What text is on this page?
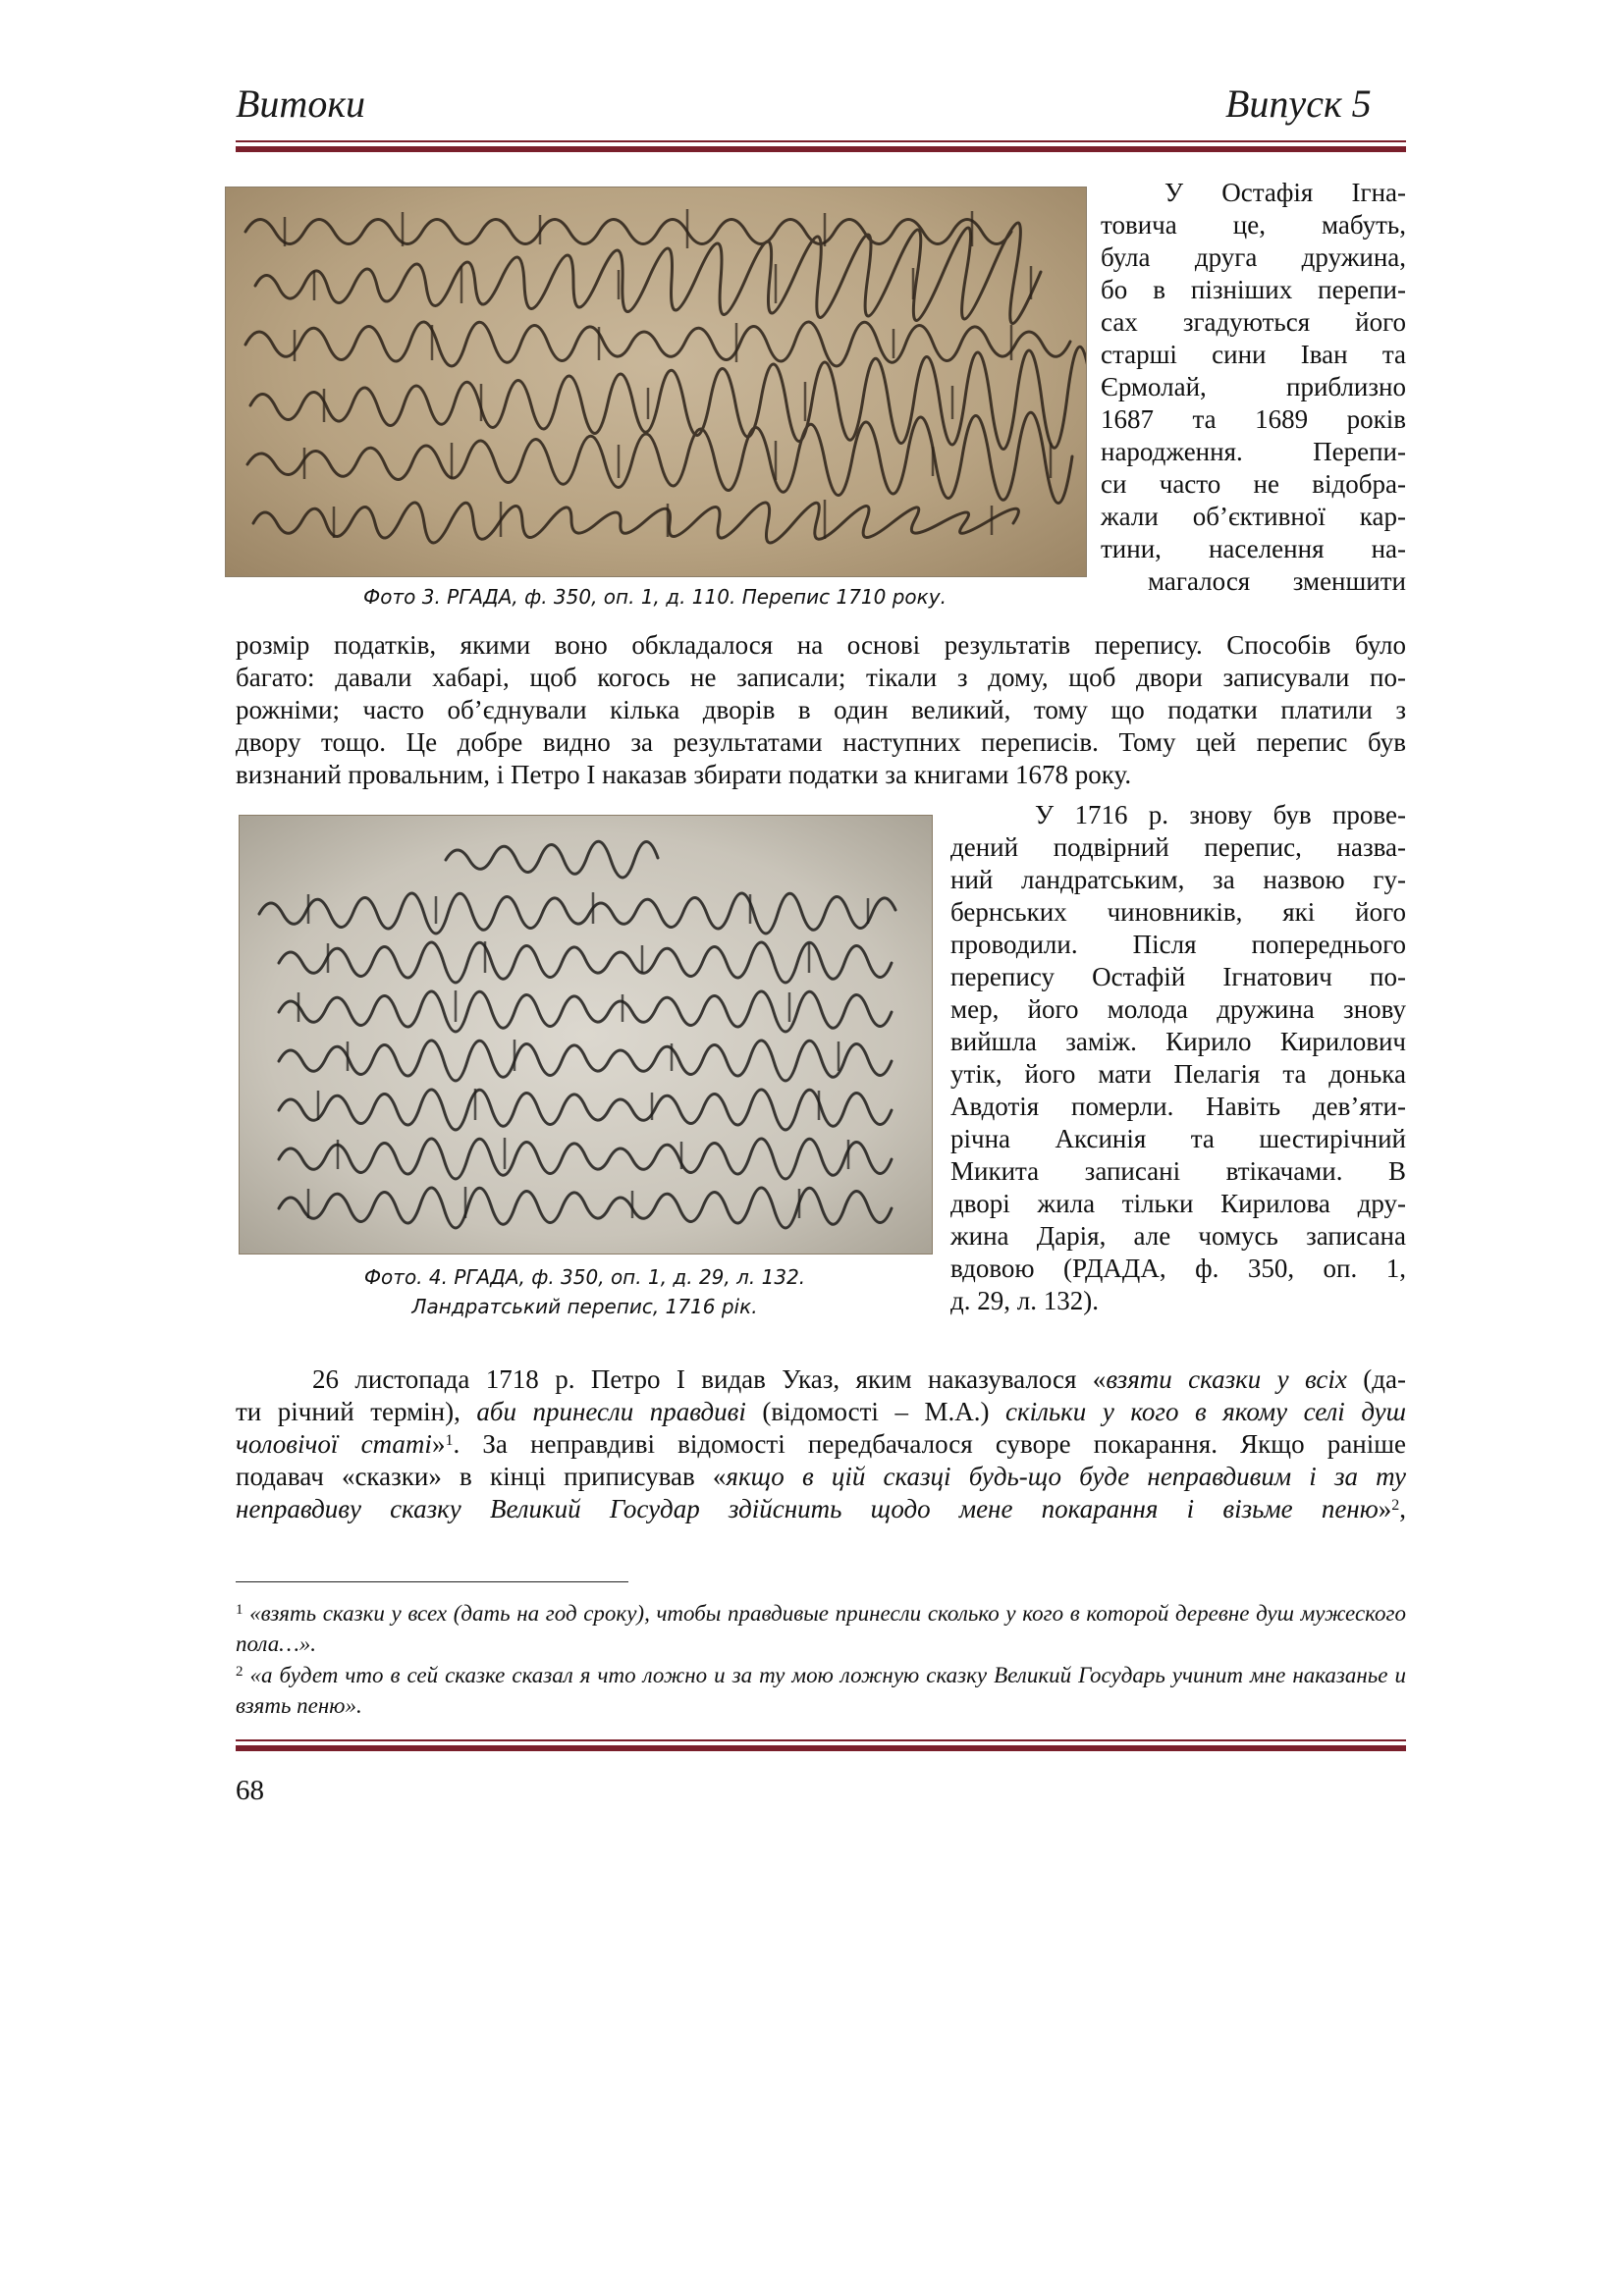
Витоки	Випуск 5
Фото 3. РГАДА, ф. 350, оп. 1, д. 110. Перепис 1710 року.
У Остафія Ігна-
товича це, мабуть,
була друга дружина,
бо в пізніших перепи-
сах згадуються його
старші сини Іван та
Єрмолай, приблизно
1687 та 1689 років
народження. Перепи-
си часто не відобра-
жали об’єктивної кар-
тини, населення на-
магалося зменшити
розмір податків, якими воно обкладалося на основі результатів перепису. Способів було
багато: давали хабарі, щоб когось не записали; тікали з дому, щоб двори записували по-
рожніми; часто об’єднували кілька дворів в один великий, тому що податки платили з
двору тощо. Це добре видно за результатами наступних переписів. Тому цей перепис був
визнаний провальним, і Петро І наказав збирати податки за книгами 1678 року.
Фото. 4. РГАДА, ф. 350, оп. 1, д. 29, л. 132.
Ландратський перепис, 1716 рік.
У 1716 р. знову був прове-
дений подвірний перепис, назва-
ний ландратським, за назвою гу-
бернських чиновників, які його
проводили. Після попереднього
перепису Остафій Ігнатович по-
мер, його молода дружина знову
вийшла заміж. Кирило Кирилович
утік, його мати Пелагія та донька
Авдотія померли. Навіть дев’яти-
річна Аксинія та шестирічний
Микита записані втікачами. В
дворі жила тільки Кирилова дру-
жина Дарія, але чомусь записана
вдовою (РДАДА, ф. 350, оп. 1,
д. 29, л. 132).
26 листопада 1718 р. Петро І видав Указ, яким наказувалося «взяти сказки у всіх (да-
ти річний термін), аби принесли правдиві (відомості – М.А.) скільки у кого в якому селі душ
чоловічої статі»$^1$. За неправдиві відомості передбачалося суворе покарання. Якщо раніше
подавач «сказки» в кінці приписував «якщо в цій сказці будь-що буде неправдивим і за ту
неправдиву сказку Великий Государ здійснить щодо мене покарання і візьме пеню»$^2$,
$^1$ «взять сказки у всех (дать на год сроку), чтобы правдивые принесли сколько у кого в которой деревне душ мужеского пола…».
$^2$ «а будет что в сей сказке сказал я что ложно и за ту мою ложную сказку Великий Государь учинит мне наказанье и взять пеню».
68
